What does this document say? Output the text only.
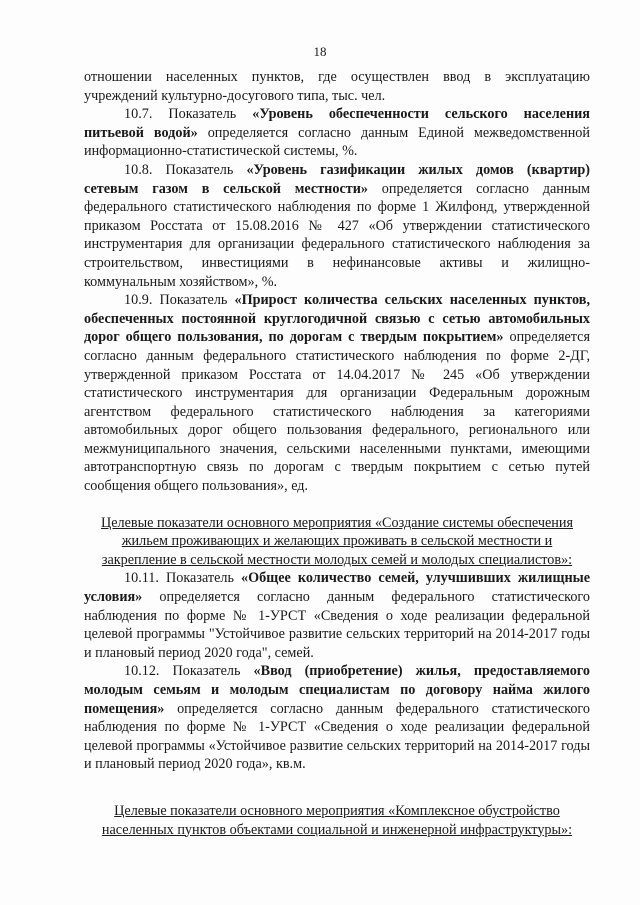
18

отношении населенных пунктов, где осуществлен ввод в эксплуатацию учреждений культурно-досугового типа, тыс. чел.

10.7. Показатель «Уровень обеспеченности сельского населения питьевой водой» определяется согласно данным Единой межведомственной информационно-статистической системы, %.

10.8. Показатель «Уровень газификации жилых домов (квартир) сетевым газом в сельской местности» определяется согласно данным федерального статистического наблюдения по форме 1 Жилфонд, утвержденной приказом Росстата от 15.08.2016 № 427 «Об утверждении статистического инструментария для организации федерального статистического наблюдения за строительством, инвестициями в нефинансовые активы и жилищно-коммунальным хозяйством», %.

10.9. Показатель «Прирост количества сельских населенных пунктов, обеспеченных постоянной круглогодичной связью с сетью автомобильных дорог общего пользования, по дорогам с твердым покрытием» определяется согласно данным федерального статистического наблюдения по форме 2-ДГ, утвержденной приказом Росстата от 14.04.2017 № 245 «Об утверждении статистического инструментария для организации Федеральным дорожным агентством федерального статистического наблюдения за категориями автомобильных дорог общего пользования федерального, регионального или межмуниципального значения, сельскими населенными пунктами, имеющими автотранспортную связь по дорогам с твердым покрытием с сетью путей сообщения общего пользования», ед.

Целевые показатели основного мероприятия «Создание системы обеспечения жильем проживающих и желающих проживать в сельской местности и закрепление в сельской местности молодых семей и молодых специалистов»:

10.11. Показатель «Общее количество семей, улучшивших жилищные условия» определяется согласно данным федерального статистического наблюдения по форме № 1-УРСТ «Сведения о ходе реализации федеральной целевой программы "Устойчивое развитие сельских территорий на 2014-2017 годы и плановый период 2020 года", семей.

10.12. Показатель «Ввод (приобретение) жилья, предоставляемого молодым семьям и молодым специалистам по договору найма жилого помещения» определяется согласно данным федерального статистического наблюдения по форме № 1-УРСТ «Сведения о ходе реализации федеральной целевой программы «Устойчивое развитие сельских территорий на 2014-2017 годы и плановый период 2020 года», кв.м.

Целевые показатели основного мероприятия «Комплексное обустройство населенных пунктов объектами социальной и инженерной инфраструктуры»:
